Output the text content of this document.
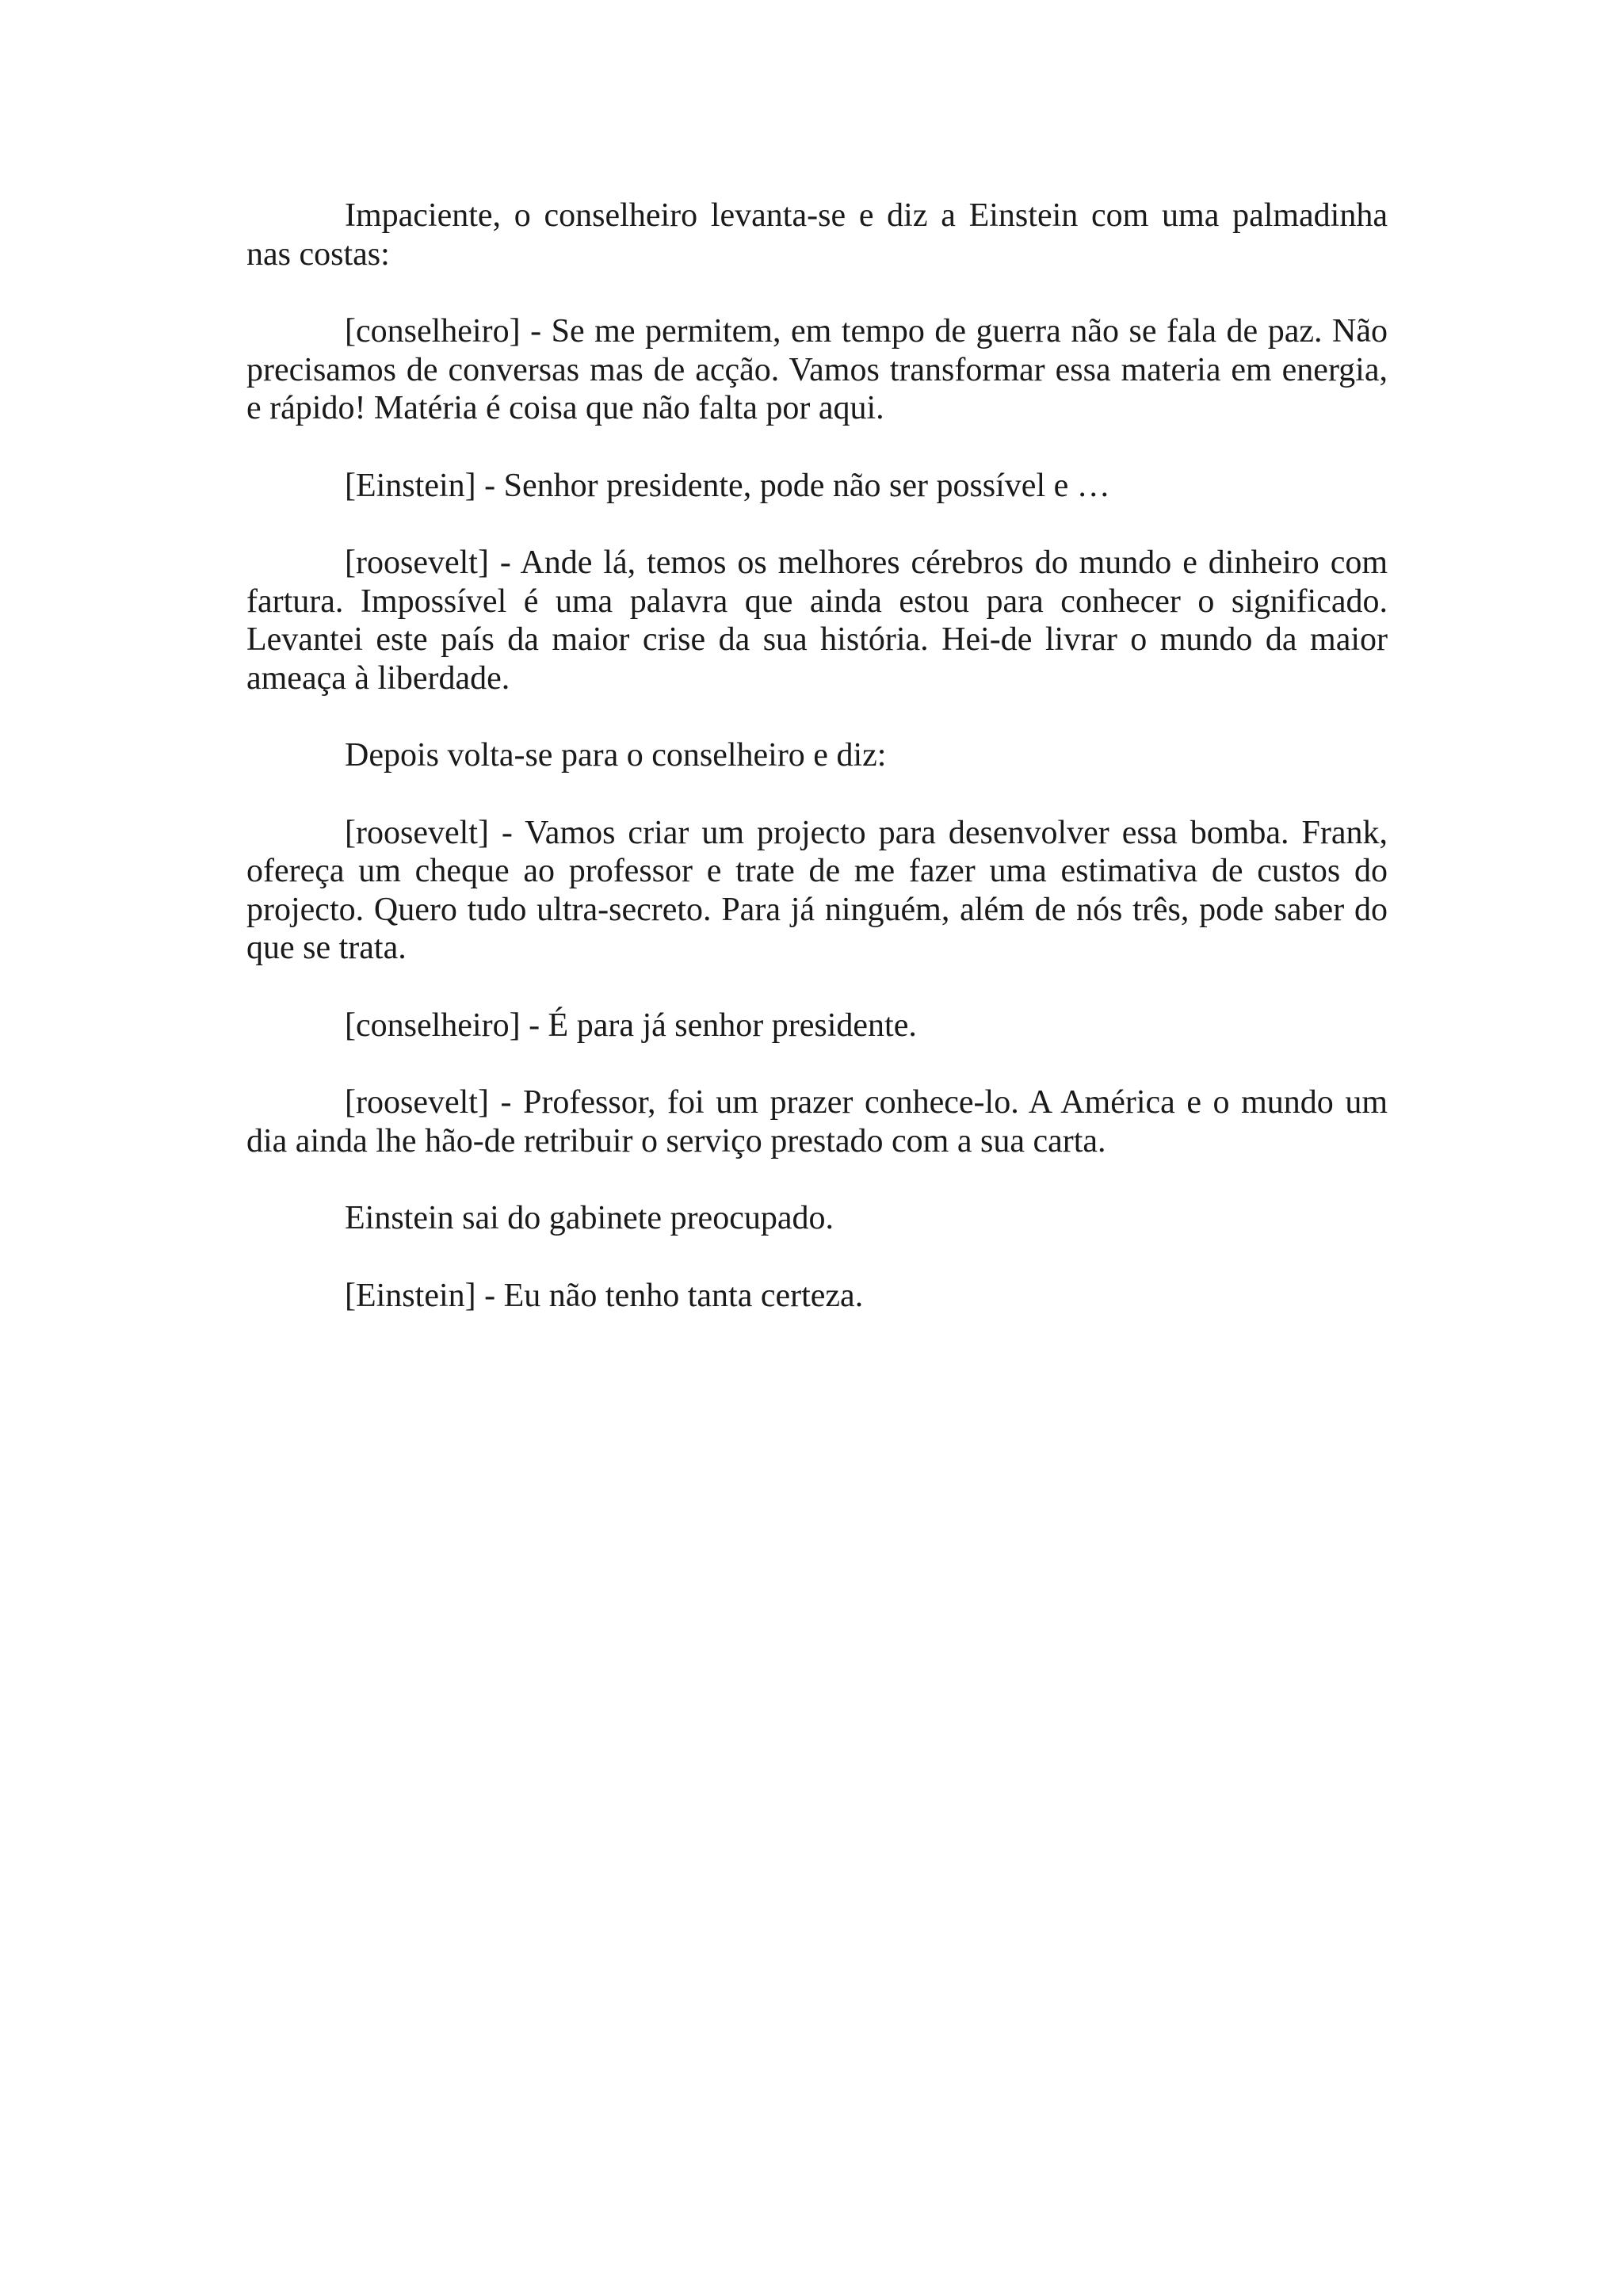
Impaciente, o conselheiro levanta-se e diz a Einstein com uma palmadinha nas costas:

[conselheiro] - Se me permitem, em tempo de guerra não se fala de paz. Não precisamos de conversas mas de acção. Vamos transformar essa materia em energia, e rápido! Matéria é coisa que não falta por aqui.

[Einstein] - Senhor presidente, pode não ser possível e …

[roosevelt] - Ande lá, temos os melhores cérebros do mundo e dinheiro com fartura. Impossível é uma palavra que ainda estou para conhecer o significado. Levantei este país da maior crise da sua história. Hei-de livrar o mundo da maior ameaça à liberdade.

Depois volta-se para o conselheiro e diz:

[roosevelt] - Vamos criar um projecto para desenvolver essa bomba. Frank, ofereça um cheque ao professor e trate de me fazer uma estimativa de custos do projecto. Quero tudo ultra-secreto. Para já ninguém, além de nós três, pode saber do que se trata.

[conselheiro] - É para já senhor presidente.

[roosevelt] - Professor, foi um prazer conhece-lo. A América e o mundo um dia ainda lhe hão-de retribuir o serviço prestado com a sua carta.

Einstein sai do gabinete preocupado.

[Einstein] - Eu não tenho tanta certeza.
